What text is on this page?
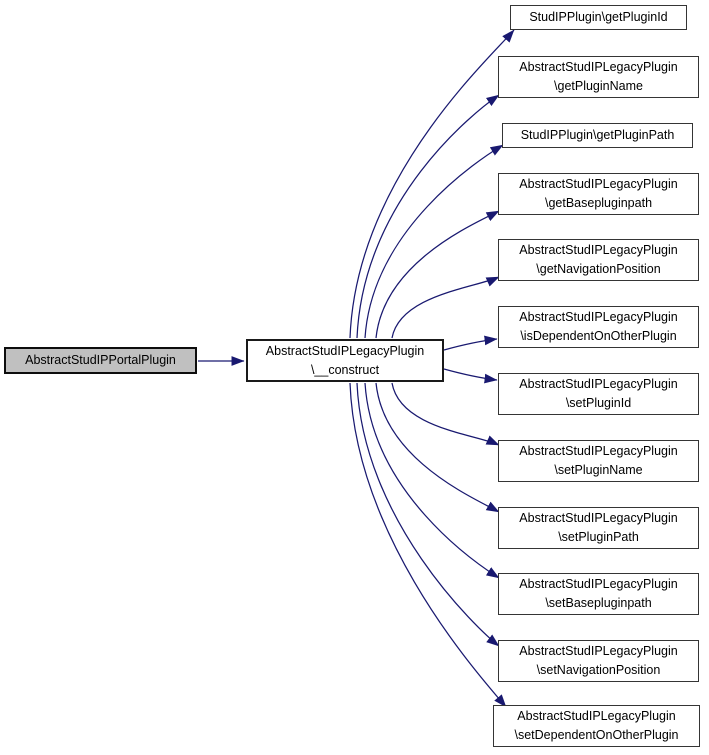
AbstractStudIPPortalPlugin
AbstractStudIPLegacyPlugin
\__construct
StudIPPlugin\getPluginId
AbstractStudIPLegacyPlugin
\getPluginName
StudIPPlugin\getPluginPath
AbstractStudIPLegacyPlugin
\getBasepluginpath
AbstractStudIPLegacyPlugin
\getNavigationPosition
AbstractStudIPLegacyPlugin
\isDependentOnOtherPlugin
AbstractStudIPLegacyPlugin
\setPluginId
AbstractStudIPLegacyPlugin
\setPluginName
AbstractStudIPLegacyPlugin
\setPluginPath
AbstractStudIPLegacyPlugin
\setBasepluginpath
AbstractStudIPLegacyPlugin
\setNavigationPosition
AbstractStudIPLegacyPlugin
\setDependentOnOtherPlugin
